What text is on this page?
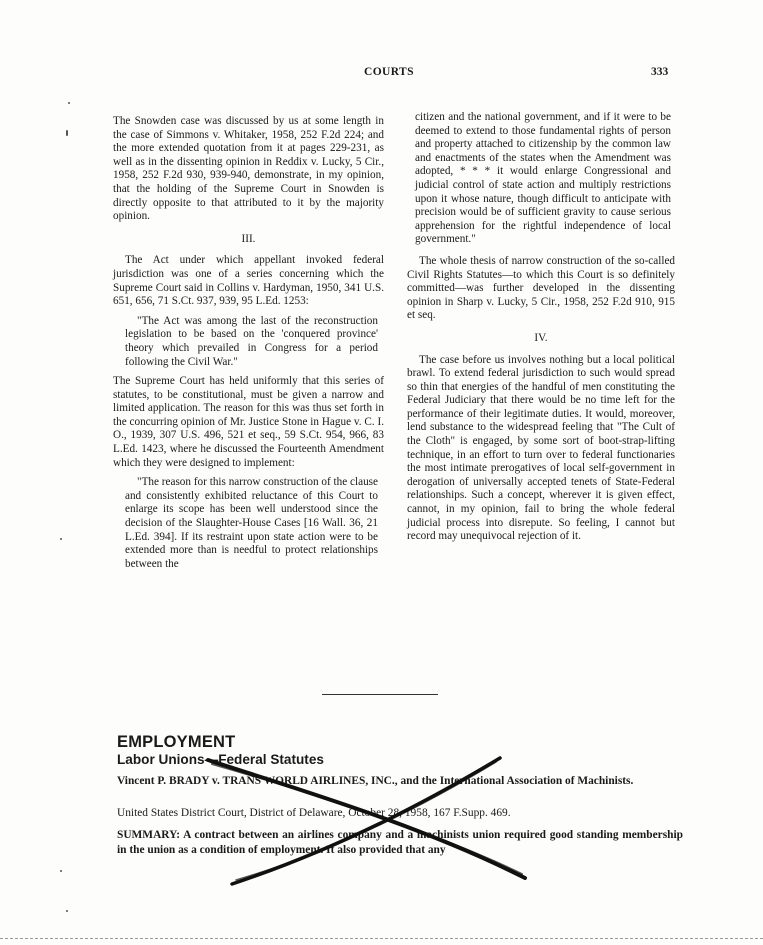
COURTS	333

The Snowden case was discussed by us at some length in the case of Simmons v. Whitaker, 1958, 252 F.2d 224; and the more extended quotation from it at pages 229-231, as well as in the dissenting opinion in Reddix v. Lucky, 5 Cir., 1958, 252 F.2d 930, 939-940, demonstrate, in my opinion, that the holding of the Supreme Court in Snowden is directly opposite to that attributed to it by the majority opinion.

III.

The Act under which appellant invoked federal jurisdiction was one of a series concerning which the Supreme Court said in Collins v. Hardyman, 1950, 341 U.S. 651, 656, 71 S.Ct. 937, 939, 95 L.Ed. 1253:

"The Act was among the last of the reconstruction legislation to be based on the 'conquered province' theory which prevailed in Congress for a period following the Civil War."

The Supreme Court has held uniformly that this series of statutes, to be constitutional, must be given a narrow and limited application. The reason for this was thus set forth in the concurring opinion of Mr. Justice Stone in Hague v. C. I. O., 1939, 307 U.S. 496, 521 et seq., 59 S.Ct. 954, 966, 83 L.Ed. 1423, where he discussed the Fourteenth Amendment which they were designed to implement:

"The reason for this narrow construction of the clause and consistently exhibited reluctance of this Court to enlarge its scope has been well understood since the decision of the Slaughter-House Cases [16 Wall. 36, 21 L.Ed. 394]. If its restraint upon state action were to be extended more than is needful to protect relationships between the

citizen and the national government, and if it were to be deemed to extend to those fundamental rights of person and property attached to citizenship by the common law and enactments of the states when the Amendment was adopted, * * * it would enlarge Congressional and judicial control of state action and multiply restrictions upon it whose nature, though difficult to anticipate with precision would be of sufficient gravity to cause serious apprehension for the rightful independence of local government."

The whole thesis of narrow construction of the so-called Civil Rights Statutes—to which this Court is so definitely committed—was further developed in the dissenting opinion in Sharp v. Lucky, 5 Cir., 1958, 252 F.2d 910, 915 et seq.

IV.

The case before us involves nothing but a local political brawl. To extend federal jurisdiction to such would spread so thin that energies of the handful of men constituting the Federal Judiciary that there would be no time left for the performance of their legitimate duties. It would, moreover, lend substance to the widespread feeling that "The Cult of the Cloth" is engaged, by some sort of boot-strap-lifting technique, in an effort to turn over to federal functionaries the most intimate prerogatives of local self-government in derogation of universally accepted tenets of State-Federal relationships. Such a concept, wherever it is given effect, cannot, in my opinion, fail to bring the whole federal judicial process into disrepute. So feeling, I cannot but record may unequivocal rejection of it.

EMPLOYMENT
Labor Unions—Federal Statutes
Vincent P. BRADY v. TRANS WORLD AIRLINES, INC., and the International Association of Machinists.
United States District Court, District of Delaware, October 28, 1958, 167 F.Supp. 469.
SUMMARY: A contract between an airlines company and a machinists union required good standing membership in the union as a condition of employment. It also provided that any
